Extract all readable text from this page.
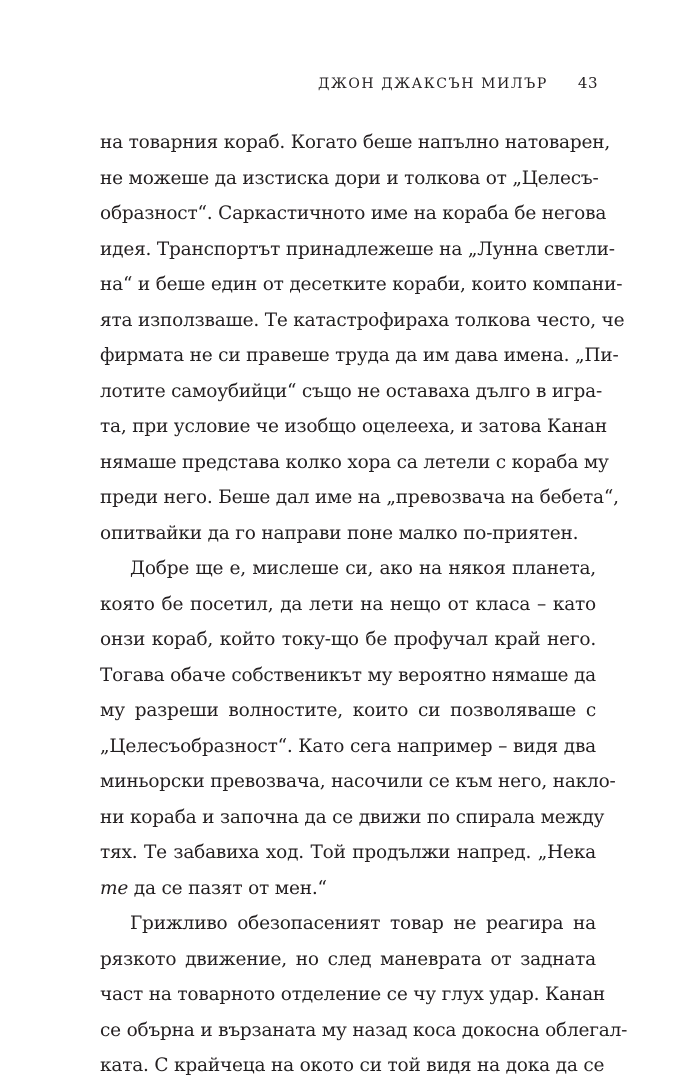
ДЖОН ДЖАКСЪН МИЛЪР 43
на товарния кораб. Когато беше напълно натоварен,
не можеше да изстиска дори и толкова от „Целесъ-
образност“. Саркастичното име на кораба бе негова
идея. Транспортът принадлежеше на „Лунна светли-
на“ и беше един от десетките кораби, които компани-
ята използваше. Те катастрофираха толкова често, че
фирмата не си правеше труда да им дава имена. „Пи-
лотите самоубийци“ също не оставаха дълго в игра-
та, при условие че изобщо оцелееха, и затова Канан
нямаше представа колко хора са летели с кораба му
преди него. Беше дал име на „превозвача на бебета“,
опитвайки да го направи поне малко по-приятен.
Добре ще е, мислеше си, ако на някоя планета,
която бе посетил, да лети на нещо от класа – като
онзи кораб, който току-що бе профучал край него.
Тогава обаче собственикът му вероятно нямаше да
му разреши волностите, които си позволяваше с
„Целесъобразност“. Като сега например – видя два
миньорски превозвача, насочили се към него, накло-
ни кораба и започна да се движи по спирала между
тях. Те забавиха ход. Той продължи напред. „Нека
те да се пазят от мен.“
Грижливо обезопасеният товар не реагира на
рязкото движение, но след маневрата от задната
част на товарното отделение се чу глух удар. Канан
се обърна и вързаната му назад коса докосна облегал-
ката. С крайчеца на окото си той видя на дока да се
